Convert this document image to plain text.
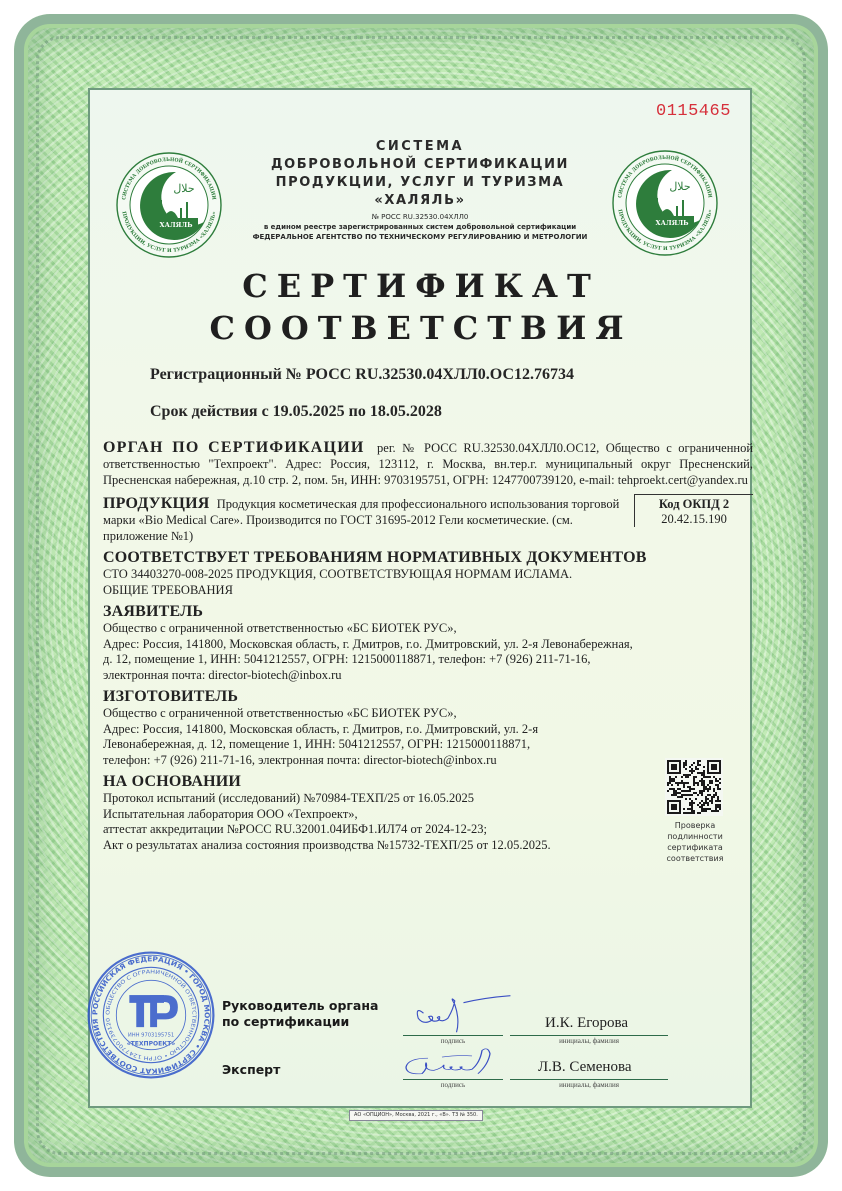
0115465
СИСТЕМА ДОБРОВОЛЬНОЙ СЕРТИФИКАЦИИ
ПРОДУКЦИИ, УСЛУГ И ТУРИЗМА «ХАЛЯЛЬ»
حلال
ХАЛЯЛЬ
СИСТЕМА ДОБРОВОЛЬНОЙ СЕРТИФИКАЦИИ
ПРОДУКЦИИ, УСЛУГ И ТУРИЗМА «ХАЛЯЛЬ»
حلال
ХАЛЯЛЬ
СИСТЕМА
ДОБРОВОЛЬНОЙ СЕРТИФИКАЦИИ
ПРОДУКЦИИ, УСЛУГ И ТУРИЗМА
«ХАЛЯЛЬ»
№ РОСС RU.32530.04ХЛЛ0
в едином реестре зарегистрированных систем добровольной сертификации
ФЕДЕРАЛЬНОЕ АГЕНТСТВО ПО ТЕХНИЧЕСКОМУ РЕГУЛИРОВАНИЮ И МЕТРОЛОГИИ
СЕРТИФИКАТ
СООТВЕТСТВИЯ
Регистрационный № РОСС RU.32530.04ХЛЛ0.ОС12.76734
Срок действия с 19.05.2025 по 18.05.2028
ОРГАН ПО СЕРТИФИКАЦИИ рег. № РОСС RU.32530.04ХЛЛ0.ОС12, Общество с ограниченной ответственностью "Техпроект". Адрес: Россия, 123112, г. Москва, вн.тер.г. муниципальный округ Пресненский, Пресненская набережная, д.10 стр. 2, пом. 5н, ИНН: 9703195751, ОГРН: 1247700739120, e-mail: tehproekt.cert@yandex.ru
Код ОКПД 2
20.42.15.190
ПРОДУКЦИЯ Продукция косметическая для профессионального использования торговой марки «Bio Medical Care». Производится по ГОСТ 31695-2012 Гели косметические. (см. приложение №1)
СООТВЕТСТВУЕТ ТРЕБОВАНИЯМ НОРМАТИВНЫХ ДОКУМЕНТОВ
СТО 34403270-008-2025 ПРОДУКЦИЯ, СООТВЕТСТВУЮЩАЯ НОРМАМ ИСЛАМА.
ОБЩИЕ ТРЕБОВАНИЯ
ЗАЯВИТЕЛЬ
Общество с ограниченной ответственностью «БС БИОТЕК РУС»,
Адрес: Россия, 141800, Московская область, г. Дмитров, г.о. Дмитровский, ул. 2-я Левонабережная,
д. 12, помещение 1, ИНН: 5041212557, ОГРН: 1215000118871, телефон: +7 (926) 211-71-16,
электронная почта: director-biotech@inbox.ru
ИЗГОТОВИТЕЛЬ
Общество с ограниченной ответственностью «БС БИОТЕК РУС»,
Адрес: Россия, 141800, Московская область, г. Дмитров, г.о. Дмитровский, ул. 2-я
Левонабережная, д. 12, помещение 1, ИНН: 5041212557, ОГРН: 1215000118871,
телефон: +7 (926) 211-71-16, электронная почта: director-biotech@inbox.ru
НА ОСНОВАНИИ
Протокол испытаний (исследований) №70984-ТЕХП/25 от 16.05.2025
Испытательная лаборатория ООО «Техпроект»,
аттестат аккредитации №РОСС RU.32001.04ИБФ1.ИЛ74 от 2024-12-23;
Акт о результатах анализа состояния производства №15732-ТЕХП/25 от 12.05.2025.
Проверка
подлинности
сертификата
соответствия
РОССИЙСКАЯ ФЕДЕРАЦИЯ • ГОРОД МОСКВА • СЕРТИФИКАТ СООТВЕТСТВИЯ
ОБЩЕСТВО С ОГРАНИЧЕННОЙ ОТВЕТСТВЕННОСТЬЮ • ОГРН 1247700739120
ИНН 9703195751
«ТЕХПРОЕКТ»
Руководитель органа
по сертификации
Эксперт
подпись
И.К. Егорова
инициалы, фамилия
подпись
Л.В. Семенова
инициалы, фамилия
АО «ОПЦИОН», Москва, 2021 г., «В». ТЗ № 350.
